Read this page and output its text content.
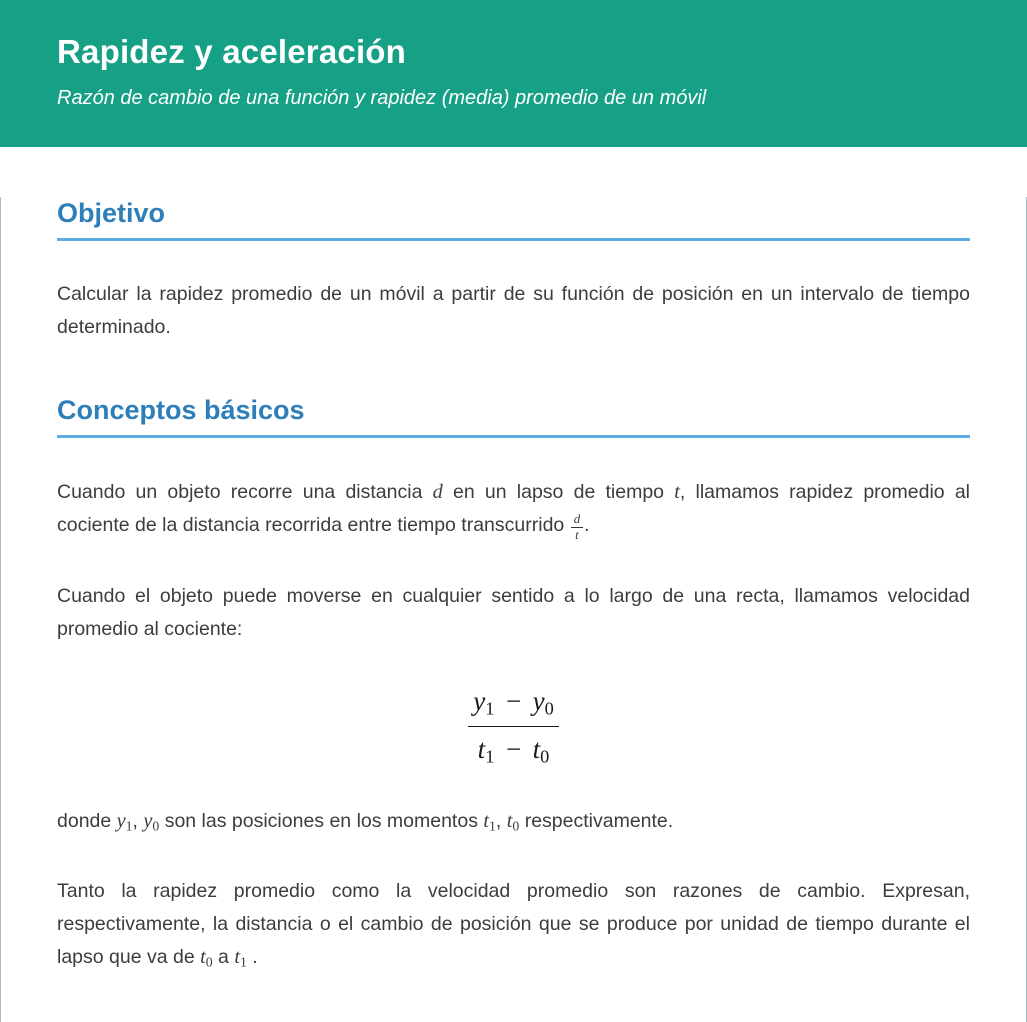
Rapidez y aceleración
Razón de cambio de una función y rapidez (media) promedio de un móvil
Objetivo

Calcular la rapidez promedio de un móvil a partir de su función de posición en un intervalo de tiempo determinado.

Conceptos básicos

Cuando un objeto recorre una distancia d en un lapso de tiempo t, llamamos rapidez promedio al cociente de la distancia recorrida entre tiempo transcurrido $\frac{d}{t}$ .

Cuando el objeto puede moverse en cualquier sentido a lo largo de una recta, llamamos velocidad promedio al cociente:

$\frac{y_1 - y_0}{t_1 - t_0}$

donde $y_1$, $y_0$ son las posiciones en los momentos $t_1$, $t_0$ respectivamente.

Tanto la rapidez promedio como la velocidad promedio son razones de cambio. Expresan, respectivamente, la distancia o el cambio de posición que se produce por unidad de tiempo durante el lapso que va de $t_0$ a $t_1$ .
